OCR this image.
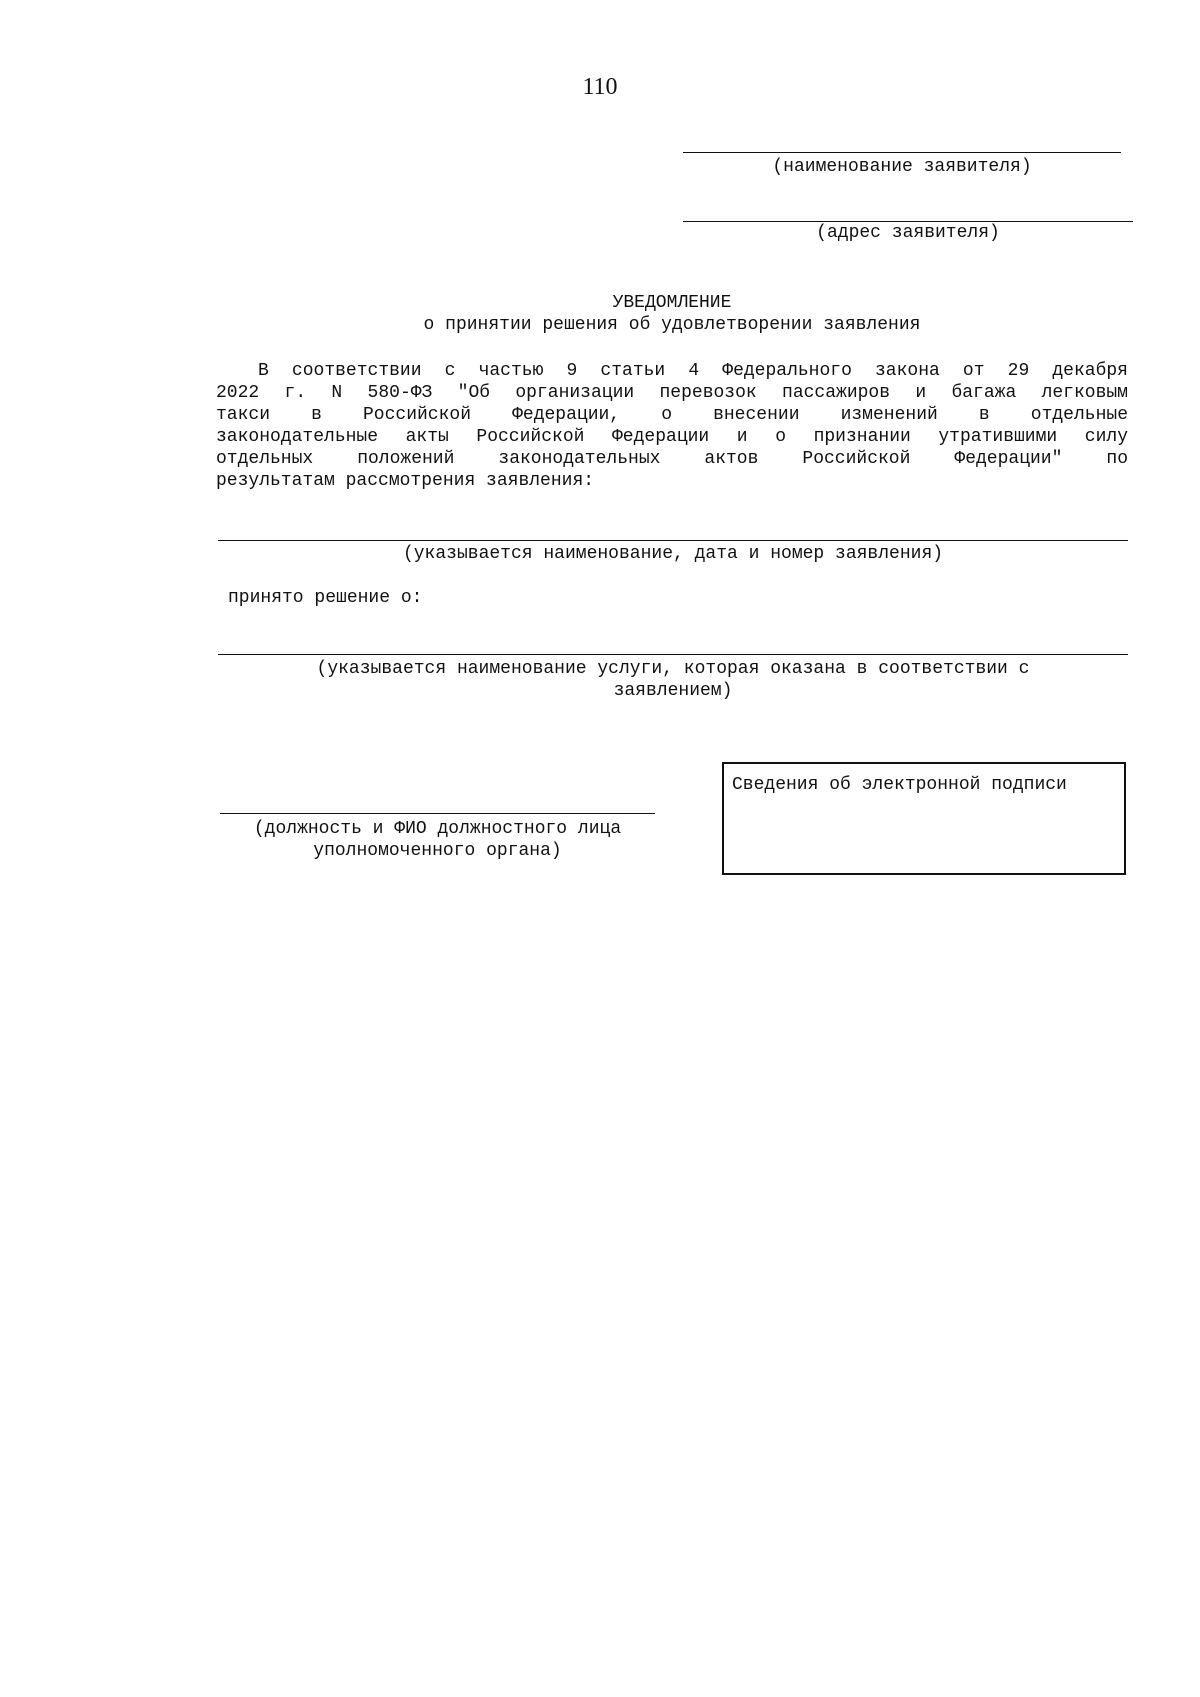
110
(наименование заявителя)
(адрес заявителя)
УВЕДОМЛЕНИЕ
о принятии решения об удовлетворении заявления
В соответствии с частью 9 статьи 4 Федерального закона от 29 декабря
2022 г. N 580-ФЗ "Об организации перевозок пассажиров и багажа легковым
такси в Российской Федерации, о внесении изменений в отдельные
законодательные акты Российской Федерации и о признании утратившими силу
отдельных положений законодательных актов Российской Федерации" по
результатам рассмотрения заявления:
(указывается наименование, дата и номер заявления)
принято решение о:
(указывается наименование услуги, которая оказана в соответствии с
заявлением)
(должность и ФИО должностного лица
уполномоченного органа)
Сведения об электронной подписи
